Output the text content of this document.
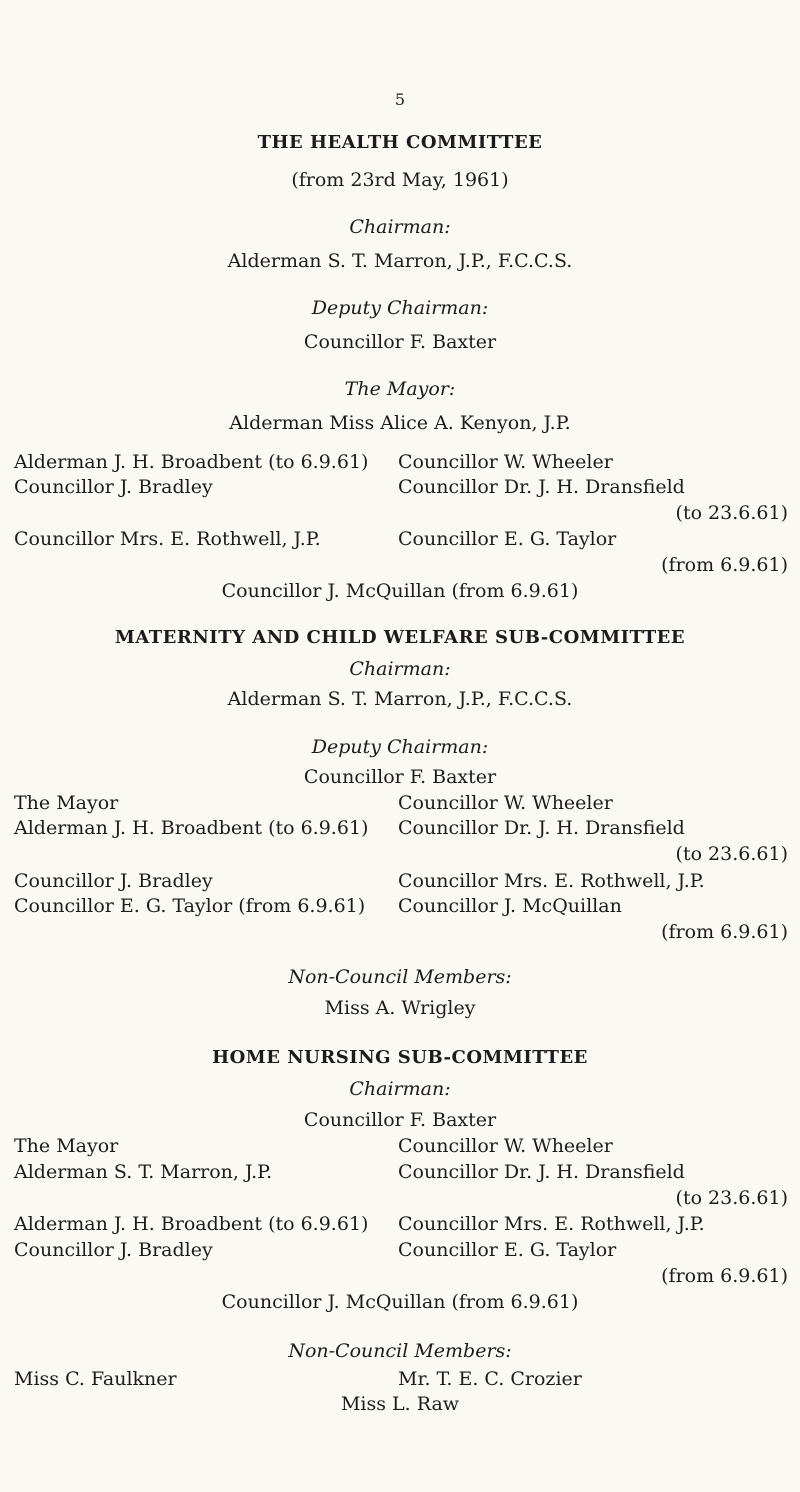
5
THE HEALTH COMMITTEE
(from 23rd May, 1961)
Chairman:
Alderman S. T. Marron, J.P., F.C.C.S.
Deputy Chairman:
Councillor F. Baxter
The Mayor:
Alderman Miss Alice A. Kenyon, J.P.
Alderman J. H. Broadbent (to 6.9.61)
Councillor J. Bradley
Councillor Mrs. E. Rothwell, J.P.
Councillor W. Wheeler
Councillor Dr. J. H. Dransfield
(to 23.6.61)
Councillor E. G. Taylor
(from 6.9.61)
Councillor J. McQuillan (from 6.9.61)
MATERNITY AND CHILD WELFARE SUB-COMMITTEE
Chairman:
Alderman S. T. Marron, J.P., F.C.C.S.
Deputy Chairman:
Councillor F. Baxter
The Mayor
Alderman J. H. Broadbent (to 6.9.61)
Councillor J. Bradley
Councillor E. G. Taylor (from 6.9.61)
Councillor W. Wheeler
Councillor Dr. J. H. Dransfield
(to 23.6.61)
Councillor Mrs. E. Rothwell, J.P.
Councillor J. McQuillan
(from 6.9.61)
Non-Council Members:
Miss A. Wrigley
HOME NURSING SUB-COMMITTEE
Chairman:
Councillor F. Baxter
The Mayor
Alderman S. T. Marron, J.P.
Alderman J. H. Broadbent (to 6.9.61)
Councillor J. Bradley
Councillor W. Wheeler
Councillor Dr. J. H. Dransfield
(to 23.6.61)
Councillor Mrs. E. Rothwell, J.P.
Councillor E. G. Taylor
(from 6.9.61)
Councillor J. McQuillan (from 6.9.61)
Non-Council Members:
Miss C. Faulkner	Mr. T. E. C. Crozier
Miss L. Raw
